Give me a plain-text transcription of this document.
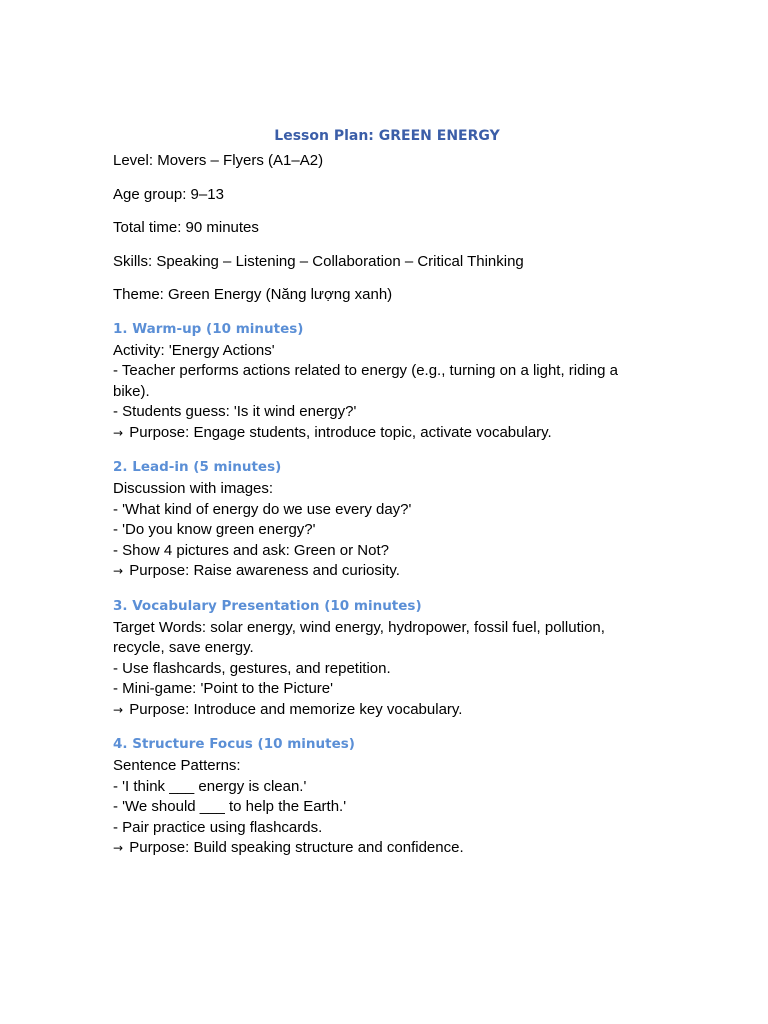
Lesson Plan: GREEN ENERGY

Level: Movers – Flyers (A1–A2)

Age group: 9–13

Total time: 90 minutes

Skills: Speaking – Listening – Collaboration – Critical Thinking

Theme: Green Energy (Năng lượng xanh)

1. Warm-up (10 minutes)

Activity: 'Energy Actions'

- Teacher performs actions related to energy (e.g., turning on a light, riding a bike).

- Students guess: 'Is it wind energy?'

→ Purpose: Engage students, introduce topic, activate vocabulary.

2. Lead-in (5 minutes)

Discussion with images:

- 'What kind of energy do we use every day?'

- 'Do you know green energy?'

- Show 4 pictures and ask: Green or Not?

→ Purpose: Raise awareness and curiosity.

3. Vocabulary Presentation (10 minutes)

Target Words: solar energy, wind energy, hydropower, fossil fuel, pollution, recycle, save energy.

- Use flashcards, gestures, and repetition.

- Mini-game: 'Point to the Picture'

→ Purpose: Introduce and memorize key vocabulary.

4. Structure Focus (10 minutes)

Sentence Patterns:

- 'I think ___ energy is clean.'

- 'We should ___ to help the Earth.'

- Pair practice using flashcards.

→ Purpose: Build speaking structure and confidence.
